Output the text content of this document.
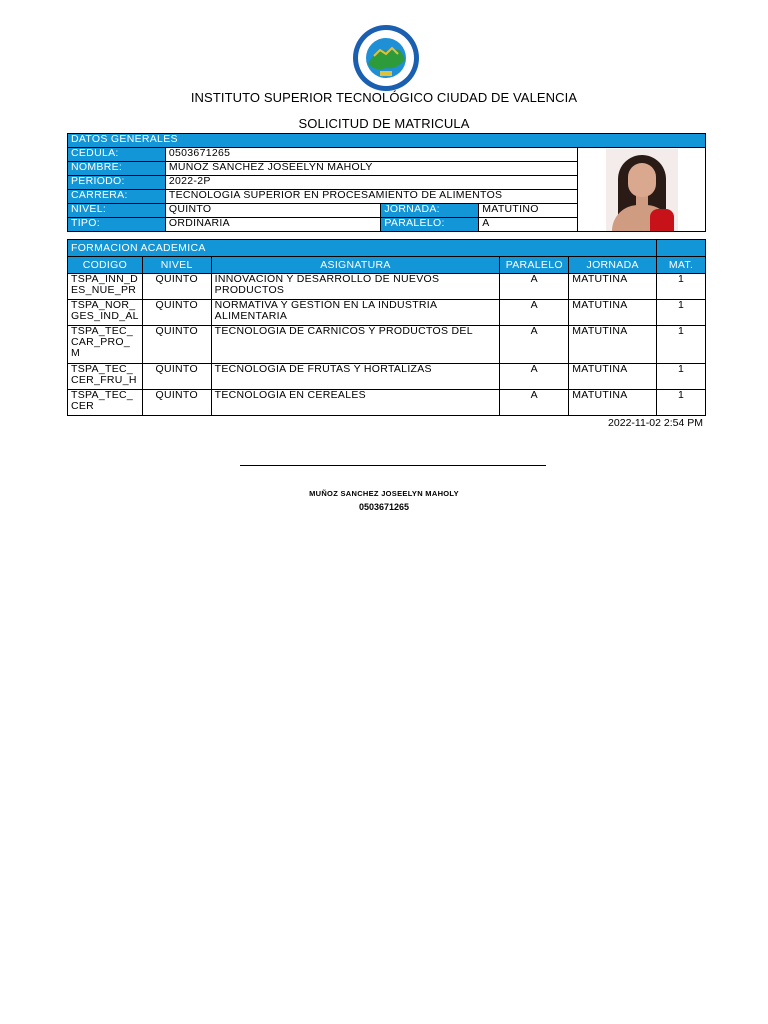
INSTITUTO SUPERIOR TECNOLÓGICO CIUDAD DE VALENCIA
SOLICITUD DE MATRICULA
DATOS GENERALES				
CEDULA:	0503671265			

NOMBRE:	MUÑOZ SANCHEZ JOSEELYN MAHOLY			
PERIODO:	2022-2P			
CARRERA:	TECNOLOGIA SUPERIOR EN PROCESAMIENTO DE ALIMENTOS			
NIVEL:	QUINTO	JORNADA:	MATUTINO	
TIPO:	ORDINARIA	PARALELO:	A	
FORMACION ACADEMICA					
CODIGO	NIVEL	ASIGNATURA	PARALELO	JORNADA	MAT.
TSPA_INN_D ES_NUE_PR	QUINTO	INNOVACIÓN Y DESARROLLO DE NUEVOS PRODUCTOS	A	MATUTINA	1
TSPA_NOR_ GES_IND_AL	QUINTO	NORMATIVA Y GESTIÓN EN LA INDUSTRIA ALIMENTARIA	A	MATUTINA	1
TSPA_TEC_ CAR_PRO_ M	QUINTO	TECNOLOGIA DE CARNICOS Y PRODUCTOS DEL	A	MATUTINA	1
TSPA_TEC_ CER_FRU_H	QUINTO	TECNOLOGIA DE FRUTAS Y HORTALIZAS	A	MATUTINA	1
TSPA_TEC_ CER	QUINTO	TECNOLOGÍA EN CEREALES	A	MATUTINA	1
2022-11-02 2:54 PM
MUÑOZ SANCHEZ JOSEELYN MAHOLY
0503671265
